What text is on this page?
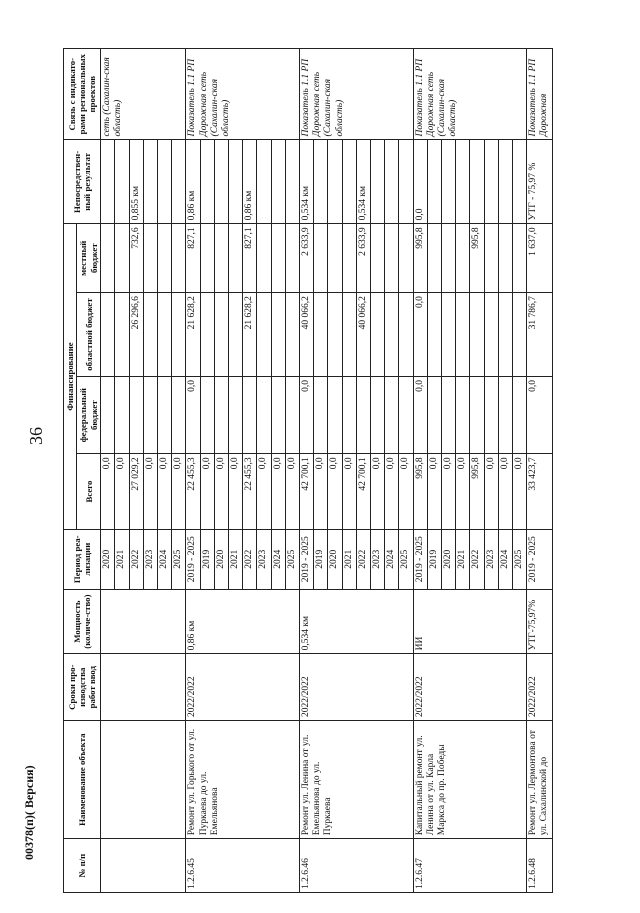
36
00378(п)( Версия)
№ п/п	Наименование объекта	Сроки про-изводства работ ввод	Мощность (количе-ство)	Период реа-лизации	Финансирование				Непосредствен-ный результат	Связь с индикато-рами региональных проектов
					Всего	федеральный бюджет	областной бюджет	местный бюджет		
				2020	0,0					сеть (Сахалин-ская область)
				2021	0,0					
				2022	27 029,2		26 296,6	732,6	0,855 км	
				2023	0,0					
				2024	0,0					
				2025	0,0					
1.2.6.45	Ремонт ул. Горького от ул. Пуркаева до ул. Емельянова	2022/2022	0,86 км	2019 - 2025	22 455,3	0,0	21 628,2	827,1	0,86 км	Показатель 1.1 РП Дорожная сеть (Сахалин-ская область)
				2019	0,0					
				2020	0,0					
				2021	0,0					
				2022	22 455,3		21 628,2	827,1	0,86 км	
				2023	0,0					
				2024	0,0					
				2025	0,0					
1.2.6.46	Ремонт ул. Ленина от ул. Емельянова до ул. Пуркаева	2022/2022	0,534 км	2019 - 2025	42 700,1	0,0	40 066,2	2 633,9	0,534 км	Показатель 1.1 РП Дорожная сеть (Сахалин-ская область)
				2019	0,0					
				2020	0,0					
				2021	0,0					
				2022	42 700,1		40 066,2	2 633,9	0,534 км	
				2023	0,0					
				2024	0,0					
				2025	0,0					
1.2.6.47	Капитальный ремонт ул. Ленина от ул. Карла Маркса до пр. Победы	2022/2022	ИИ	2019 - 2025	995,8	0,0	0,0	995,8	0,0	Показатель 1.1 РП Дорожная сеть (Сахалин-ская область)
				2019	0,0					
				2020	0,0					
				2021	0,0					
				2022	995,8			995,8		
				2023	0,0					
				2024	0,0					
				2025	0,0					
1.2.6.48	Ремонт ул. Лермонтова от ул. Сахалинской до	2022/2022	УТГ-75,97%	2019 - 2025	33 423,7	0,0	31 786,7	1 637,0	УТГ - 75,97 %	Показатель 1.1 РП Дорожная
